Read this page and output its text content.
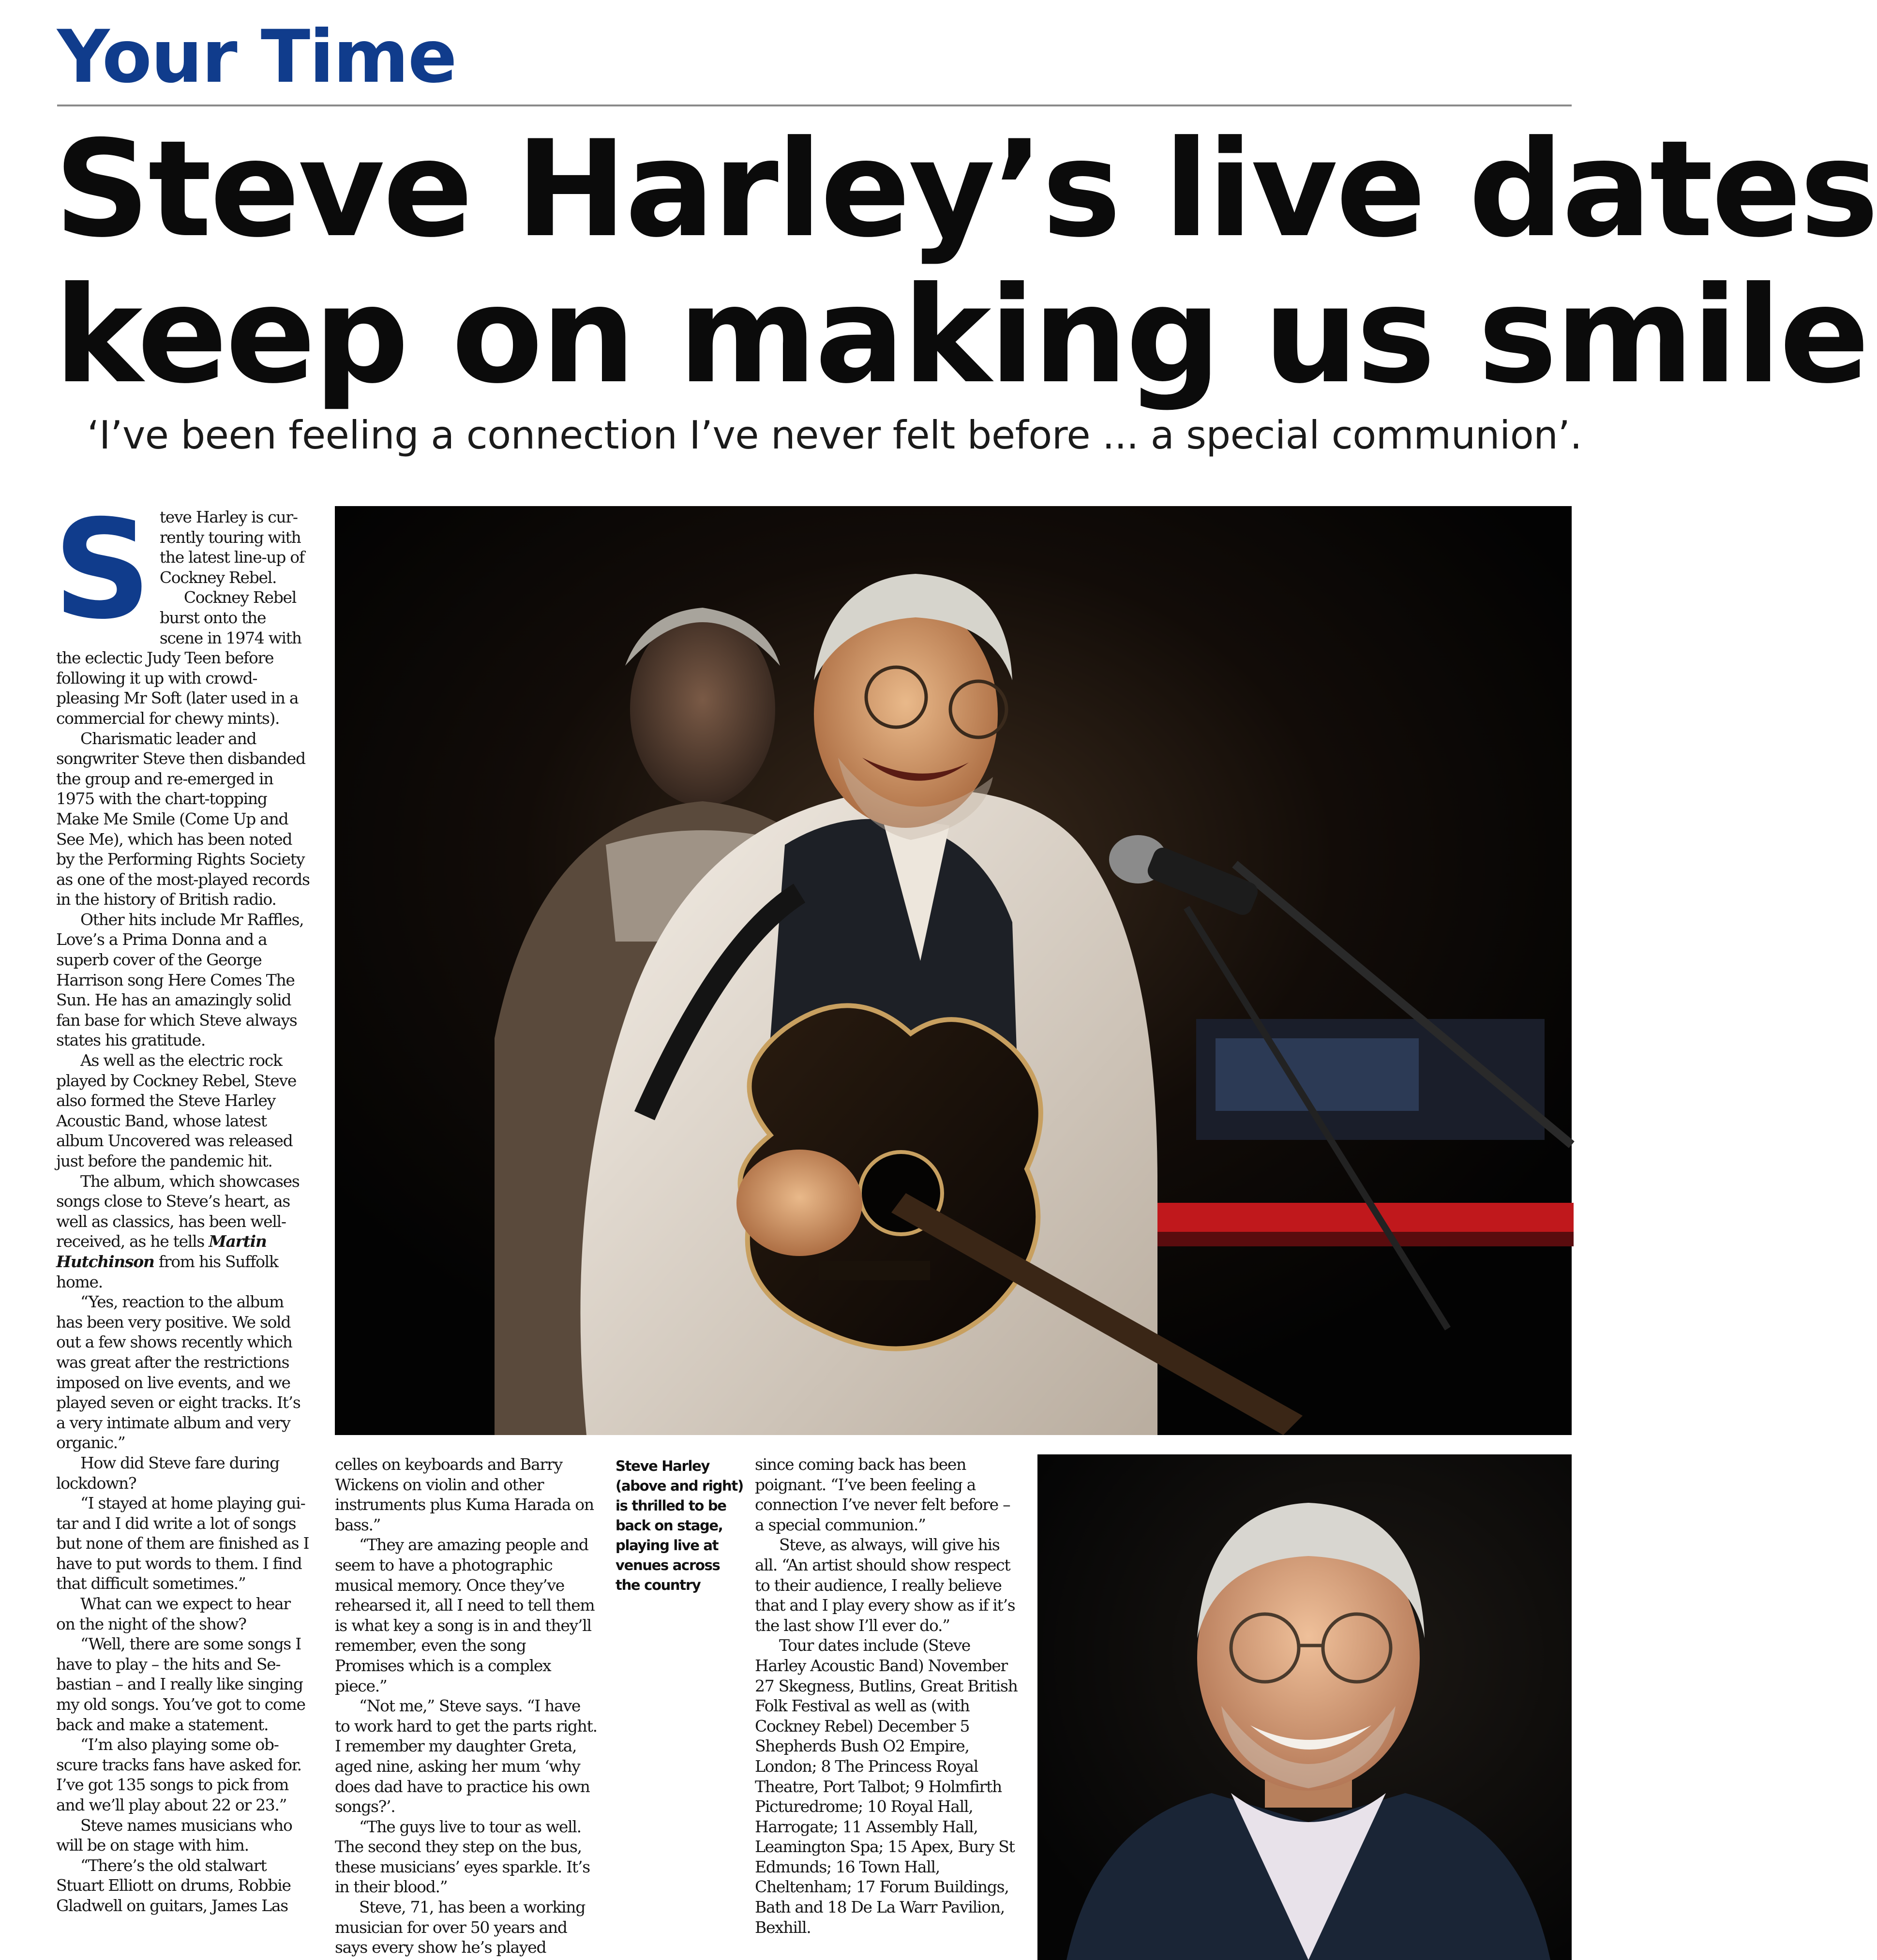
Your Time
Steve Harley’s live dates
keep on making us smile
‘I’ve been feeling a connection I’ve never felt before ... a special communion’.
S teve Harley is currently touring with the latest line-up of Cockney Rebel.

Cockney Rebel burst onto the scene in 1974 with the eclectic Judy Teen before following it up with crowd-pleasing Mr Soft (later used in a commercial for chewy mints).

Charismatic leader and songwriter Steve then disbanded the group and re-emerged in 1975 with the chart-topping Make Me Smile (Come Up and See Me), which has been noted by the Performing Rights Society as one of the most-played records in the history of British radio.

Other hits include Mr Raffles, Love’s a Prima Donna and a superb cover of the George Harrison song Here Comes The Sun. He has an amazingly solid fan base for which Steve always states his gratitude.

As well as the electric rock played by Cockney Rebel, Steve also formed the Steve Harley Acoustic Band, whose latest album Uncovered was released just before the pandemic hit.

The album, which showcases songs close to Steve’s heart, as well as classics, has been well-received, as he tells Martin Hutchinson from his Suffolk home.

“Yes, reaction to the album has been very positive. We sold out a few shows recently which was great after the restrictions imposed on live events, and we played seven or eight tracks. It’s a very intimate album and very organic.”

How did Steve fare during lockdown?

“I stayed at home playing guitar and I did write a lot of songs but none of them are finished as I have to put words to them. I find that difficult sometimes.”

What can we expect to hear on the night of the show?

“Well, there are some songs I have to play – the hits and Sebastian – and I really like singing my old songs. You’ve got to come back and make a statement.

“I’m also playing some obscure tracks fans have asked for. I’ve got 135 songs to pick from and we’ll play about 22 or 23.”

Steve names musicians who will be on stage with him.

“There’s the old stalwart Stuart Elliott on drums, Robbie Gladwell on guitars, James Las

Steve Harley (above and right) is thrilled to be back on stage, playing live at venues across the country

celles on keyboards and Barry Wickens on violin and other instruments plus Kuma Harada on bass.”

“They are amazing people and seem to have a photographic musical memory. Once they’ve rehearsed it, all I need to tell them is what key a song is in and they’ll remember, even the song Promises which is a complex piece.”

“Not me,” Steve says. “I have to work hard to get the parts right. I remember my daughter Greta, aged nine, asking her mum ‘why does dad have to practice his own songs?’.

“The guys live to tour as well. The second they step on the bus, these musicians’ eyes sparkle. It’s in their blood.”

Steve, 71, has been a working musician for over 50 years and says every show he’s played

since coming back has been poignant. “I’ve been feeling a connection I’ve never felt before – a special communion.”

Steve, as always, will give his all. “An artist should show respect to their audience, I really believe that and I play every show as if it’s the last show I’ll ever do.”

Tour dates include (Steve Harley Acoustic Band) November 27 Skegness, Butlins, Great British Folk Festival as well as (with Cockney Rebel) December 5 Shepherds Bush O2 Empire, London; 8 The Princess Royal Theatre, Port Talbot; 9 Holmfirth Picturedrome; 10 Royal Hall, Harrogate; 11 Assembly Hall, Leamington Spa; 15 Apex, Bury St Edmunds; 16 Town Hall, Cheltenham; 17 Forum Buildings, Bath and 18 De La Warr Pavilion, Bexhill.
